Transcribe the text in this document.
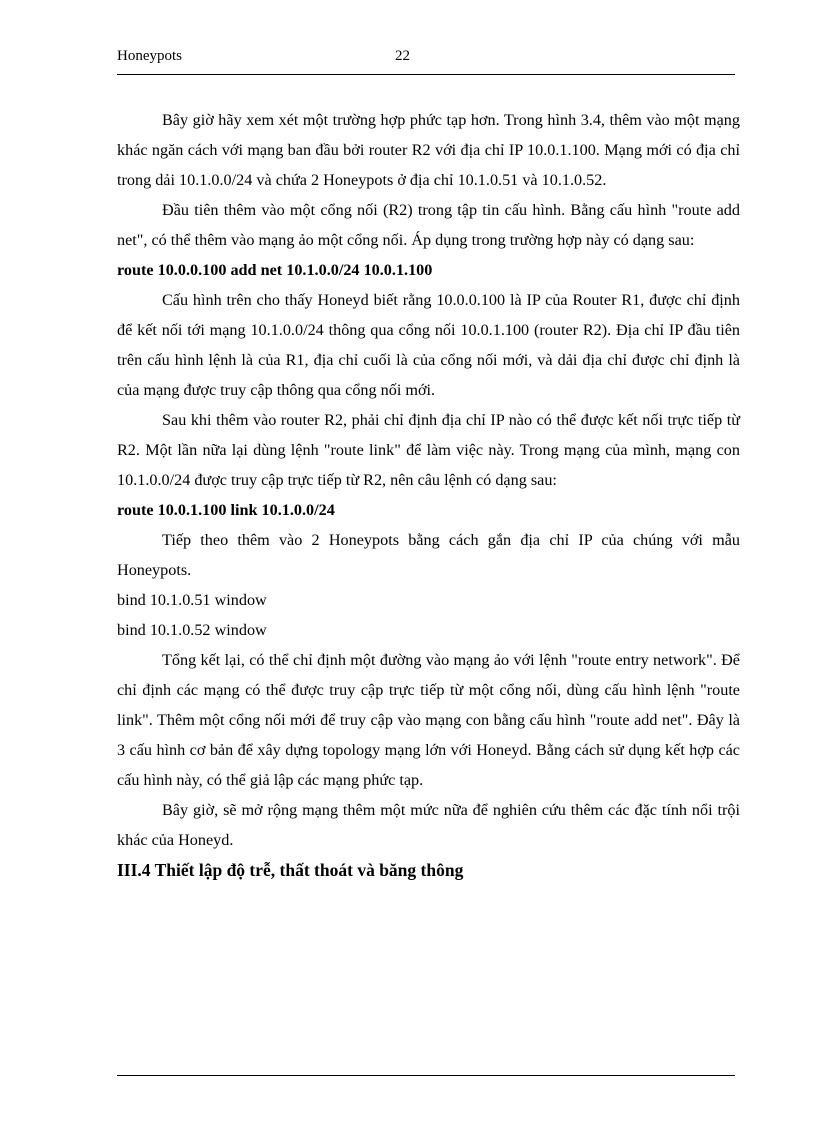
Honeypots	22

Bây giờ hãy xem xét một trường hợp phức tạp hơn. Trong hình 3.4, thêm vào một mạng khác ngăn cách với mạng ban đầu bởi router R2 với địa chỉ IP 10.0.1.100. Mạng mới có địa chỉ trong dải 10.1.0.0/24 và chứa 2 Honeypots ở địa chỉ 10.1.0.51 và 10.1.0.52.

Đầu tiên thêm vào một cổng nối (R2) trong tập tin cấu hình. Bằng cấu hình "route add net", có thể thêm vào mạng ảo một cổng nối. Áp dụng trong trường hợp này có dạng sau:

route 10.0.0.100 add net 10.1.0.0/24 10.0.1.100

Cấu hình trên cho thấy Honeyd biết rằng 10.0.0.100 là IP của Router R1, được chỉ định để kết nối tới mạng 10.1.0.0/24 thông qua cổng nối 10.0.1.100 (router R2). Địa chỉ IP đầu tiên trên cấu hình lệnh là của R1, địa chỉ cuối là của cổng nối mới, và dải địa chỉ được chỉ định là của mạng được truy cập thông qua cổng nối mới.

Sau khi thêm vào router R2, phải chỉ định địa chỉ IP nào có thể được kết nối trực tiếp từ R2. Một lần nữa lại dùng lệnh "route link" để làm việc này. Trong mạng của mình, mạng con 10.1.0.0/24 được truy cập trực tiếp từ R2, nên câu lệnh có dạng sau:

route 10.0.1.100 link 10.1.0.0/24

Tiếp theo thêm vào 2 Honeypots bằng cách gắn địa chỉ IP của chúng với mẫu Honeypots.

bind 10.1.0.51 window

bind 10.1.0.52 window

Tổng kết lại, có thể chỉ định một đường vào mạng ảo với lệnh "route entry network". Để chỉ định các mạng có thể được truy cập trực tiếp từ một cổng nối, dùng cấu hình lệnh "route link". Thêm một cổng nối mới để truy cập vào mạng con bằng cấu hình "route add net". Đây là 3 cấu hình cơ bản để xây dựng topology mạng lớn với Honeyd. Bằng cách sử dụng kết hợp các cấu hình này, có thể giả lập các mạng phức tạp.

Bây giờ, sẽ mở rộng mạng thêm một mức nữa để nghiên cứu thêm các đặc tính nổi trội khác của Honeyd.

III.4 Thiết lập độ trễ, thất thoát và băng thông
